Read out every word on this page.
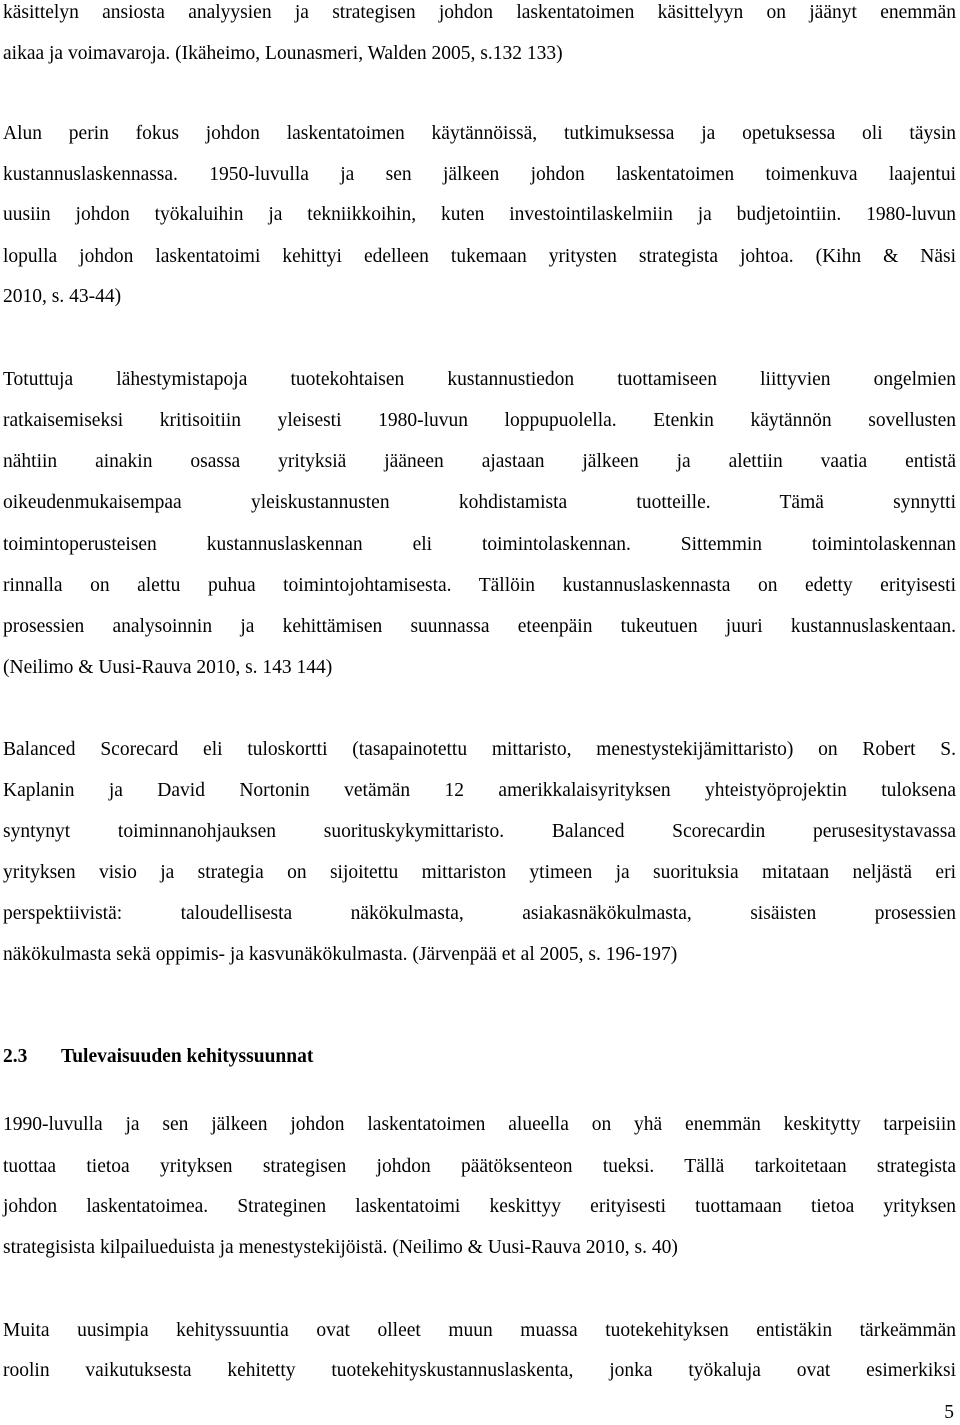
käsittelyn ansiosta analyysien ja strategisen johdon laskentatoimen käsittelyyn on jäänyt enemmän
aikaa ja voimavaroja. (Ikäheimo, Lounasmeri, Walden 2005, s.132 133)
Alun perin fokus johdon laskentatoimen käytännöissä, tutkimuksessa ja opetuksessa oli täysin
kustannuslaskennassa. 1950-luvulla ja sen jälkeen johdon laskentatoimen toimenkuva laajentui
uusiin johdon työkaluihin ja tekniikkoihin, kuten investointilaskelmiin ja budjetointiin. 1980-luvun
lopulla johdon laskentatoimi kehittyi edelleen tukemaan yritysten strategista johtoa. (Kihn & Näsi
2010, s. 43-44)
Totuttuja lähestymistapoja tuotekohtaisen kustannustiedon tuottamiseen liittyvien ongelmien
ratkaisemiseksi kritisoitiin yleisesti 1980-luvun loppupuolella. Etenkin käytännön sovellusten
nähtiin ainakin osassa yrityksiä jääneen ajastaan jälkeen ja alettiin vaatia entistä
oikeudenmukaisempaa yleiskustannusten kohdistamista tuotteille. Tämä synnytti
toimintoperusteisen kustannuslaskennan eli toimintolaskennan. Sittemmin toimintolaskennan
rinnalla on alettu puhua toimintojohtamisesta. Tällöin kustannuslaskennasta on edetty erityisesti
prosessien analysoinnin ja kehittämisen suunnassa eteenpäin tukeutuen juuri kustannuslaskentaan.
(Neilimo & Uusi-Rauva 2010, s. 143 144)
Balanced Scorecard eli tuloskortti (tasapainotettu mittaristo, menestystekijämittaristo) on Robert S.
Kaplanin ja David Nortonin vetämän 12 amerikkalaisyrityksen yhteistyöprojektin tuloksena
syntynyt toiminnanohjauksen suorituskykymittaristo. Balanced Scorecardin perusesitystavassa
yrityksen visio ja strategia on sijoitettu mittariston ytimeen ja suorituksia mitataan neljästä eri
perspektiivistä: taloudellisesta näkökulmasta, asiakasnäkökulmasta, sisäisten prosessien
näkökulmasta sekä oppimis- ja kasvunäkökulmasta. (Järvenpää et al 2005, s. 196-197)
2.3 Tulevaisuuden kehityssuunnat
1990-luvulla ja sen jälkeen johdon laskentatoimen alueella on yhä enemmän keskitytty tarpeisiin
tuottaa tietoa yrityksen strategisen johdon päätöksenteon tueksi. Tällä tarkoitetaan strategista
johdon laskentatoimea. Strateginen laskentatoimi keskittyy erityisesti tuottamaan tietoa yrityksen
strategisista kilpailueduista ja menestystekijöistä. (Neilimo & Uusi-Rauva 2010, s. 40)
Muita uusimpia kehityssuuntia ovat olleet muun muassa tuotekehityksen entistäkin tärkeämmän
roolin vaikutuksesta kehitetty tuotekehityskustannuslaskenta, jonka työkaluja ovat esimerkiksi
5
